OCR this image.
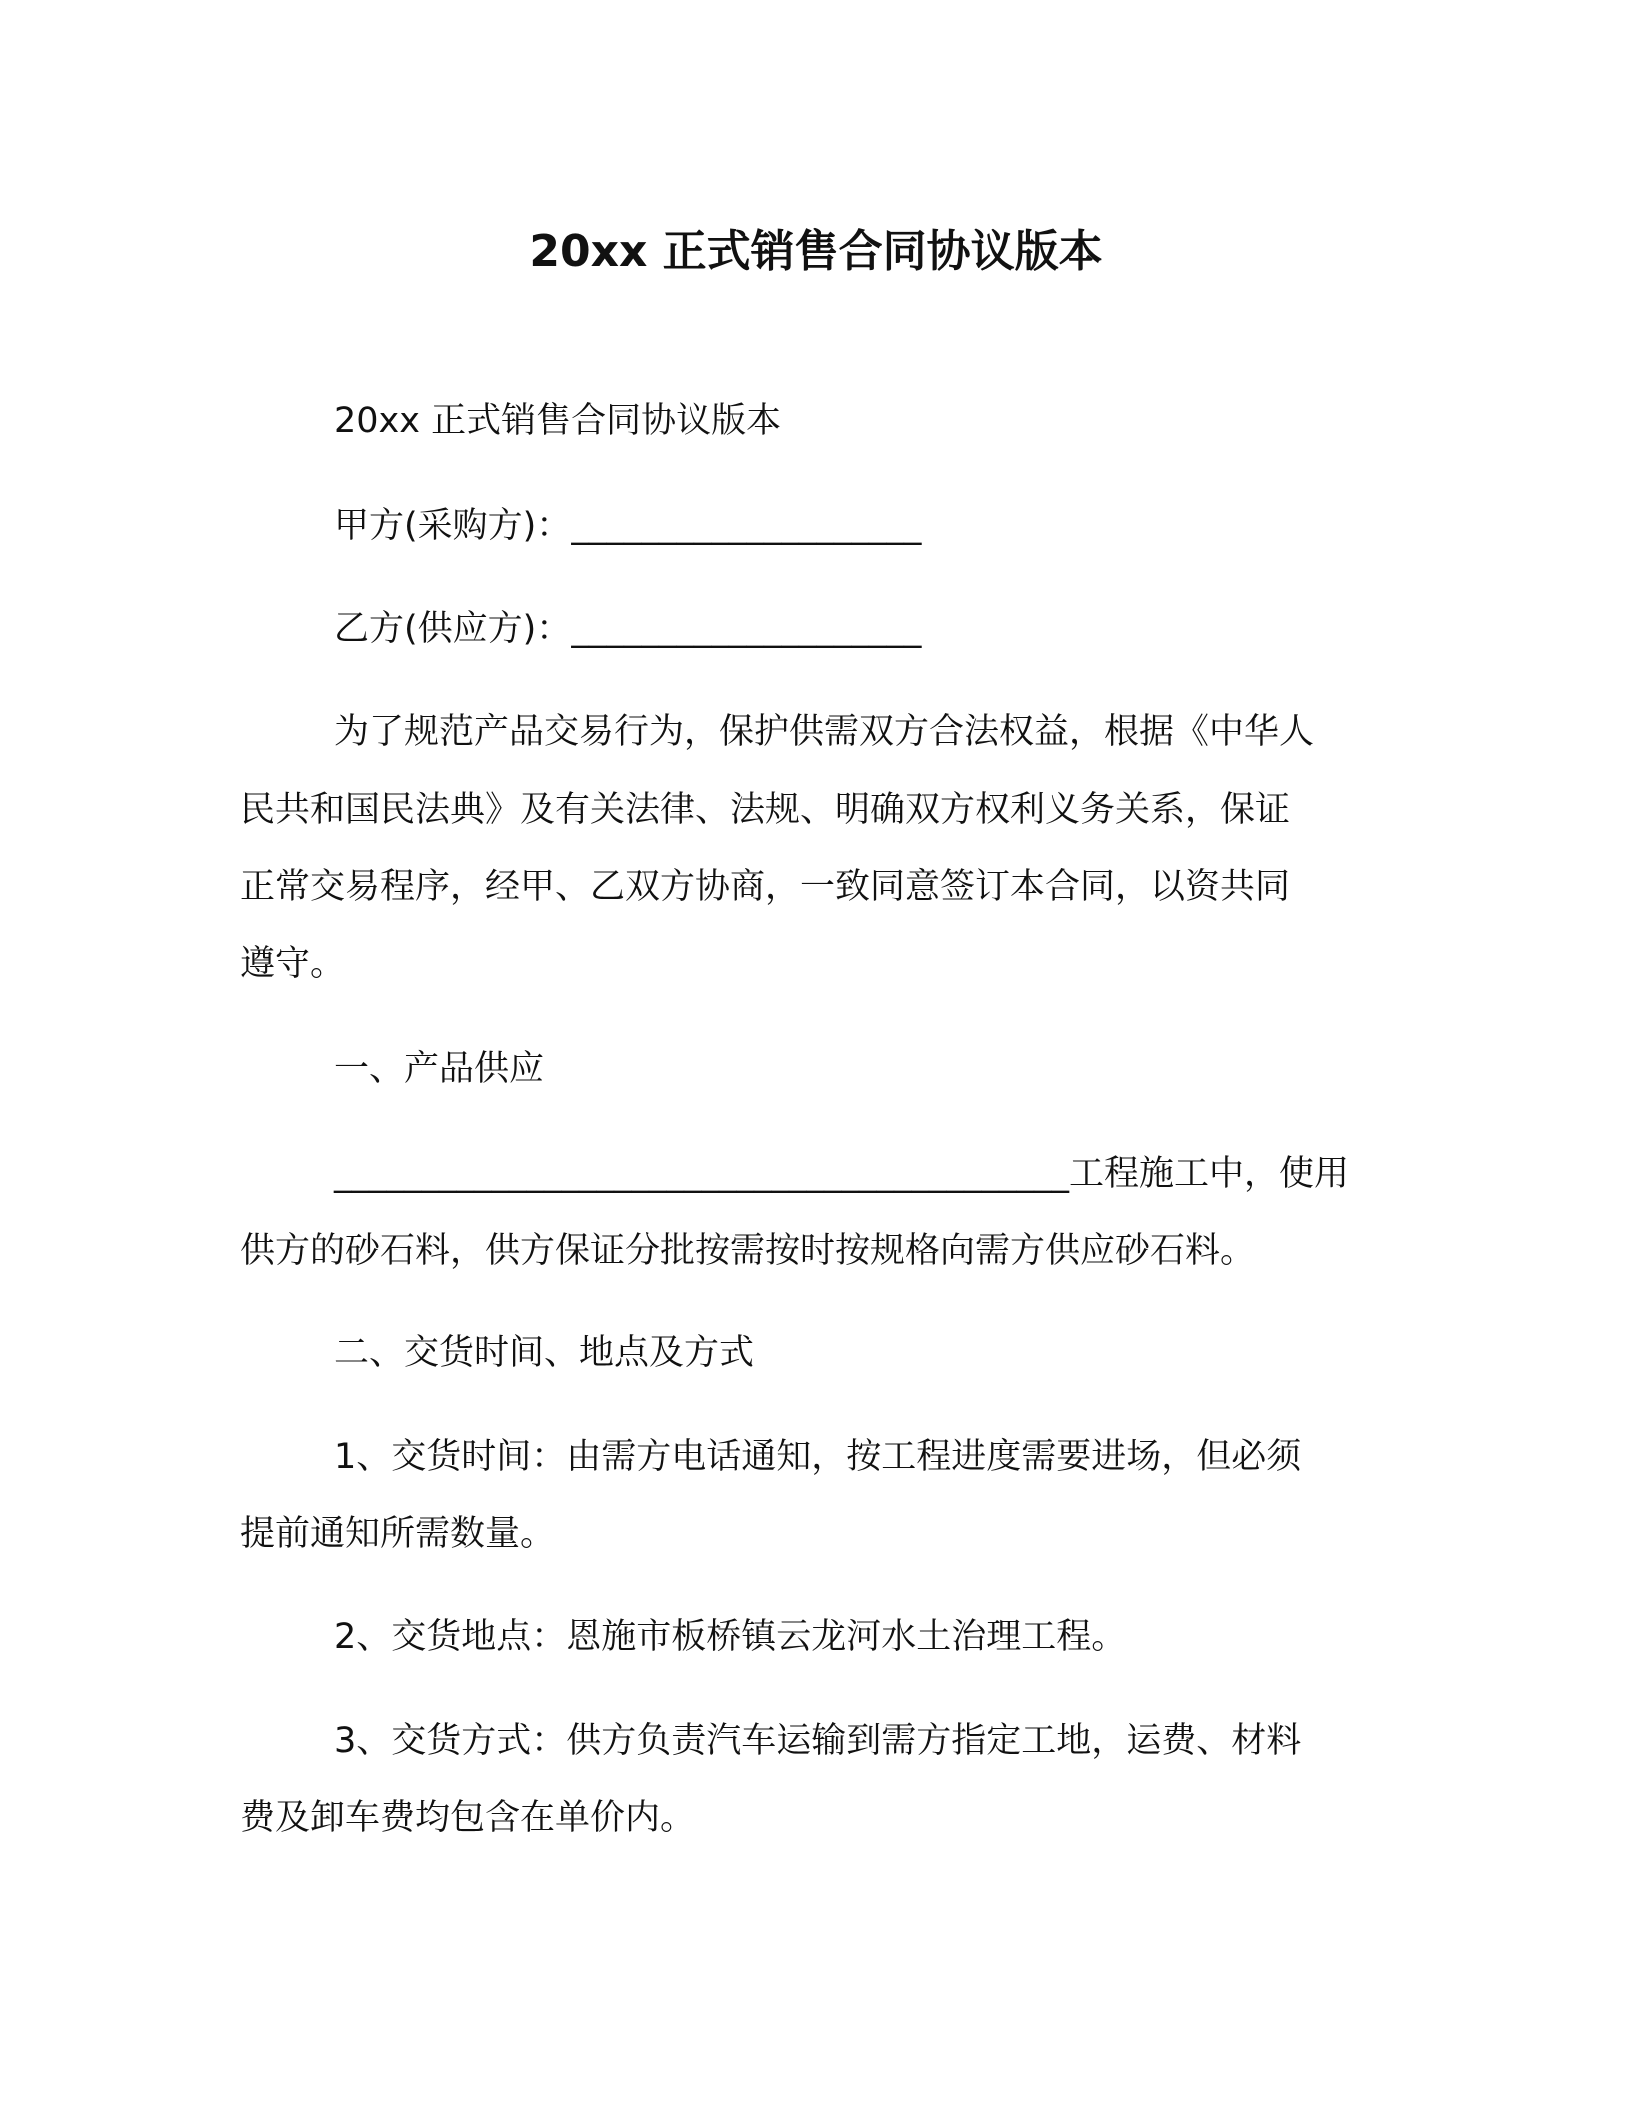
20xx 正式销售合同协议版本
20xx 正式销售合同协议版本
甲方(采购方)：____________________
乙方(供应方)：____________________
为了规范产品交易行为，保护供需双方合法权益，根据《中华人
民共和国民法典》及有关法律、法规、明确双方权利义务关系，保证
正常交易程序，经甲、乙双方协商，一致同意签订本合同，以资共同
遵守。
一、产品供应
__________________________________________工程施工中，使用
供方的砂石料，供方保证分批按需按时按规格向需方供应砂石料。
二、交货时间、地点及方式
1、交货时间：由需方电话通知，按工程进度需要进场，但必须
提前通知所需数量。
2、交货地点：恩施市板桥镇云龙河水土治理工程。
3、交货方式：供方负责汽车运输到需方指定工地，运费、材料
费及卸车费均包含在单价内。
